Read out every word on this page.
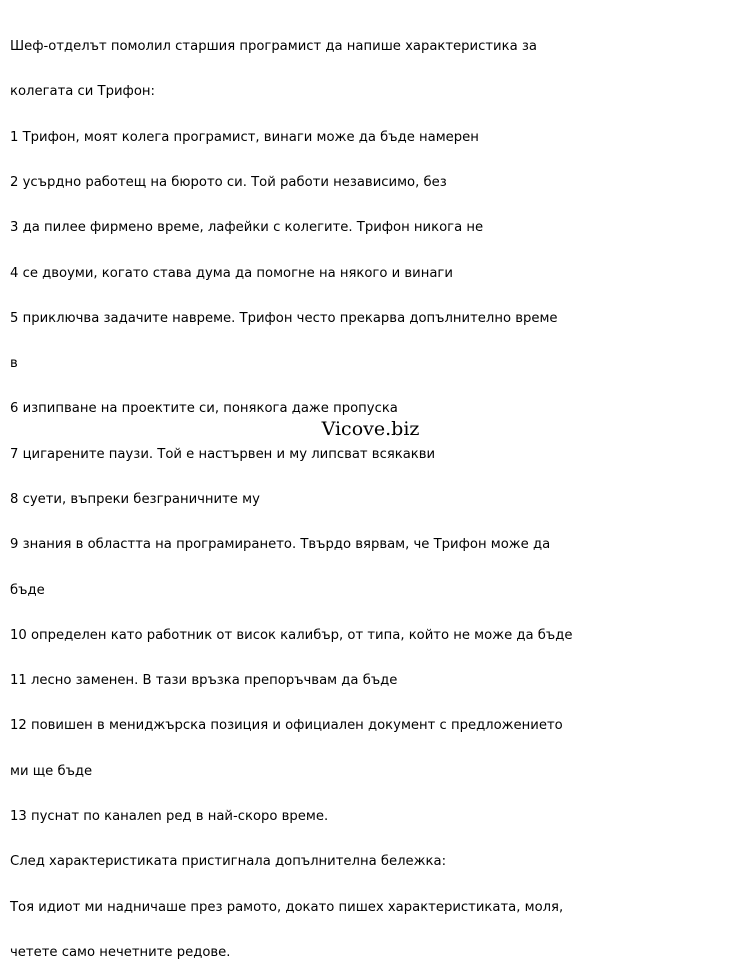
Шеф-отделът помолил старшия програмист да напише характеристика за

колегата си Трифон:

1 Трифон, моят колега програмист, винаги може да бъде намерен

2 усърдно работещ на бюрото си. Той работи независимо, без

3 да пилее фирмено време, лафейки с колегите. Трифон никога не

4 се двоуми, когато става дума да помогне на някого и винаги

5 приключва задачите навреме. Трифон често прекарва допълнително време

в

6 изпипване на проектите си, понякога даже пропуска

7 цигарените паузи. Той е настървен и му липсват всякакви

8 суети, въпреки безграничните му

9 знания в областта на програмирането. Твърдо вярвам, че Трифон може да

бъде

10 определен като работник от висок калибър, от типа, който не може да бъде

11 лесно заменен. В тази връзка препоръчвам да бъде

12 повишен в мениджърска позиция и официален документ с предложението

ми ще бъде

13 пуснат по каналеn ред в най-скоро време.

След характеристиката пристигнала допълнителна бележка:

Тоя идиот ми надничаше през рамото, докато пишех характеристиката, моля,

четете само нечетните редове.

Vicove.biz
